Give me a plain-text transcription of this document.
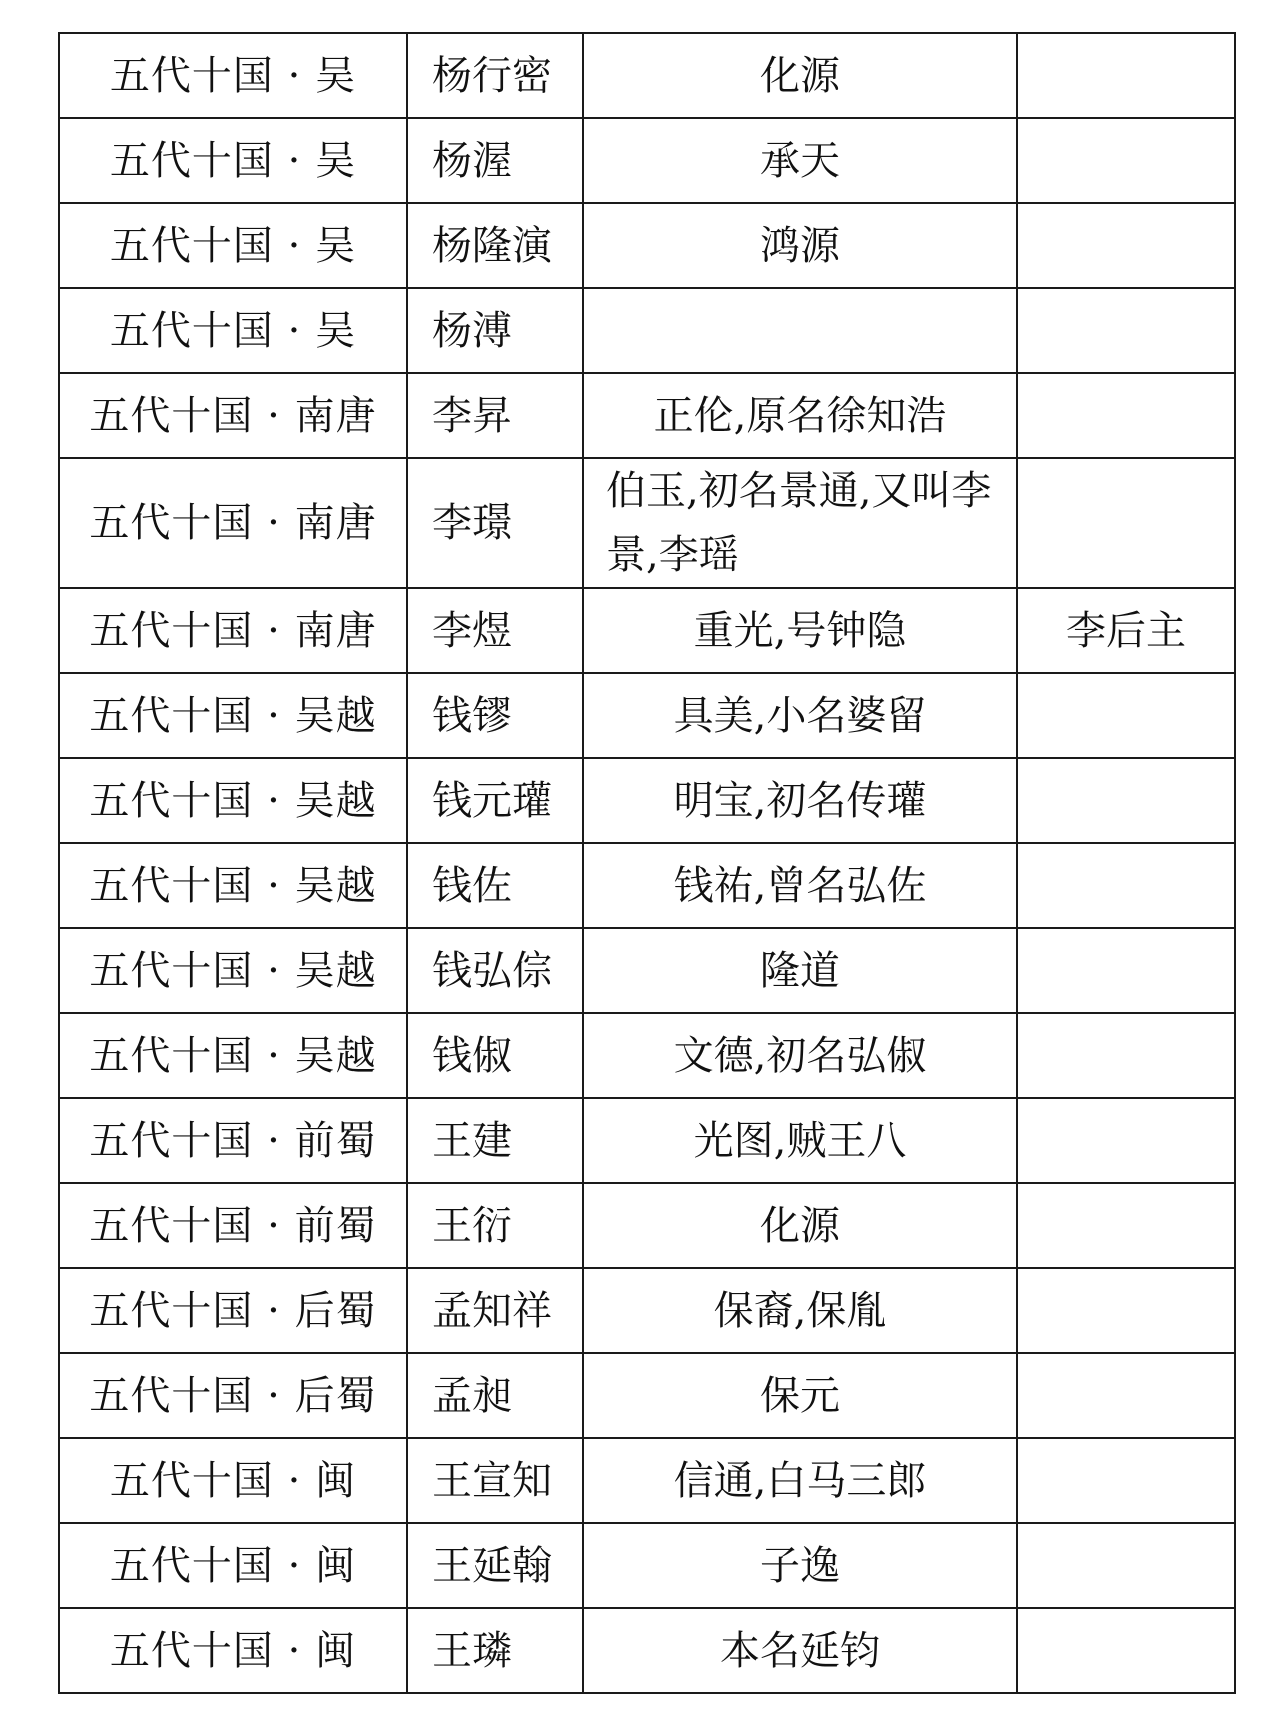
五代十国 · 吴	杨行密	化源	
五代十国 · 吴	杨渥	承天	
五代十国 · 吴	杨隆演	鸿源	
五代十国 · 吴	杨溥		
五代十国 · 南唐	李昇	正伦,原名徐知浩	
五代十国 · 南唐	李璟	伯玉,初名景通,又叫李景,李瑶	
五代十国 · 南唐	李煜	重光,号钟隐	李后主
五代十国 · 吴越	钱镠	具美,小名婆留	
五代十国 · 吴越	钱元瓘	明宝,初名传瓘	
五代十国 · 吴越	钱佐	钱祐,曾名弘佐	
五代十国 · 吴越	钱弘倧	隆道	
五代十国 · 吴越	钱俶	文德,初名弘俶	
五代十国 · 前蜀	王建	光图,贼王八	
五代十国 · 前蜀	王衍	化源	
五代十国 · 后蜀	孟知祥	保裔,保胤	
五代十国 · 后蜀	孟昶	保元	
五代十国 · 闽	王宣知	信通,白马三郎	
五代十国 · 闽	王延翰	子逸	
五代十国 · 闽	王璘	本名延钧	
